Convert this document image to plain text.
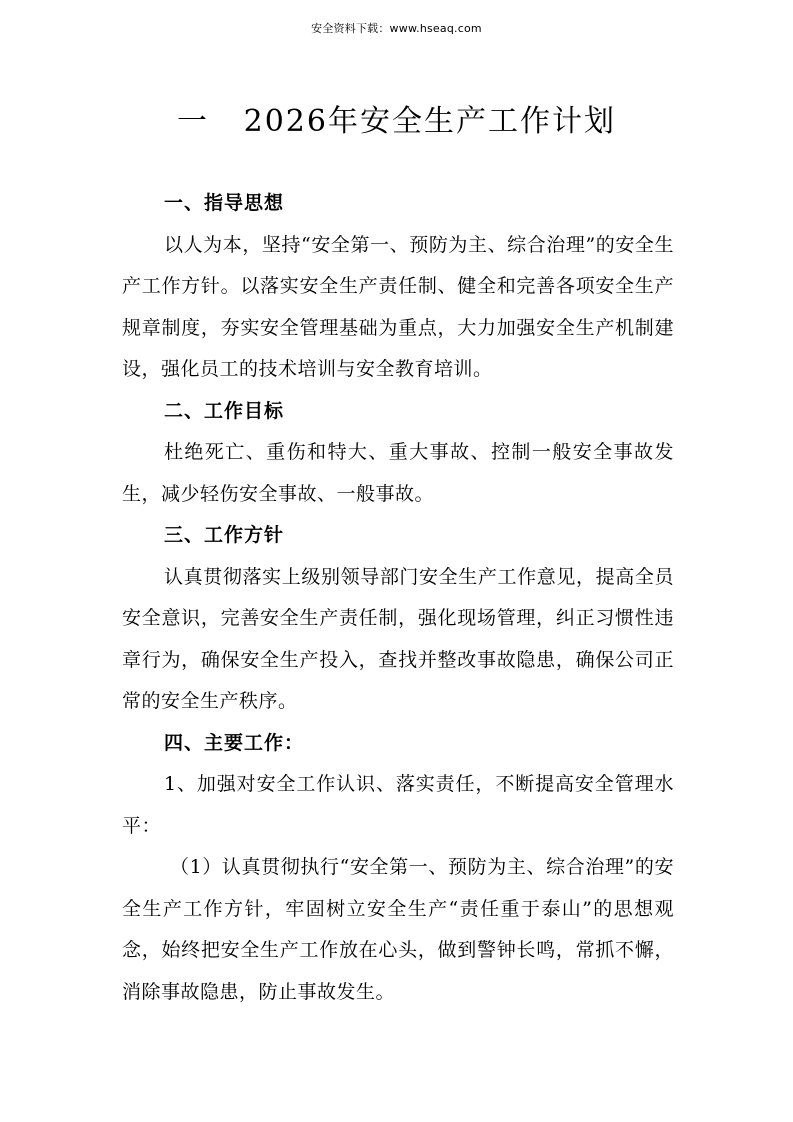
安全资料下载：www.hseaq.com
一   2026年安全生产工作计划

一、指导思想

以人为本，坚持“安全第一、预防为主、综合治理”的安全生产工作方针。以落实安全生产责任制、健全和完善各项安全生产规章制度，夯实安全管理基础为重点，大力加强安全生产机制建设，强化员工的技术培训与安全教育培训。

二、工作目标

杜绝死亡、重伤和特大、重大事故、控制一般安全事故发生，减少轻伤安全事故、一般事故。

三、工作方针

认真贯彻落实上级别领导部门安全生产工作意见，提高全员安全意识，完善安全生产责任制，强化现场管理，纠正习惯性违章行为，确保安全生产投入，查找并整改事故隐患，确保公司正常的安全生产秩序。

四、主要工作：

1、加强对安全工作认识、落实责任，不断提高安全管理水平：

（1）认真贯彻执行“安全第一、预防为主、综合治理”的安全生产工作方针，牢固树立安全生产“责任重于泰山”的思想观念，始终把安全生产工作放在心头，做到警钟长鸣，常抓不懈，消除事故隐患，防止事故发生。
